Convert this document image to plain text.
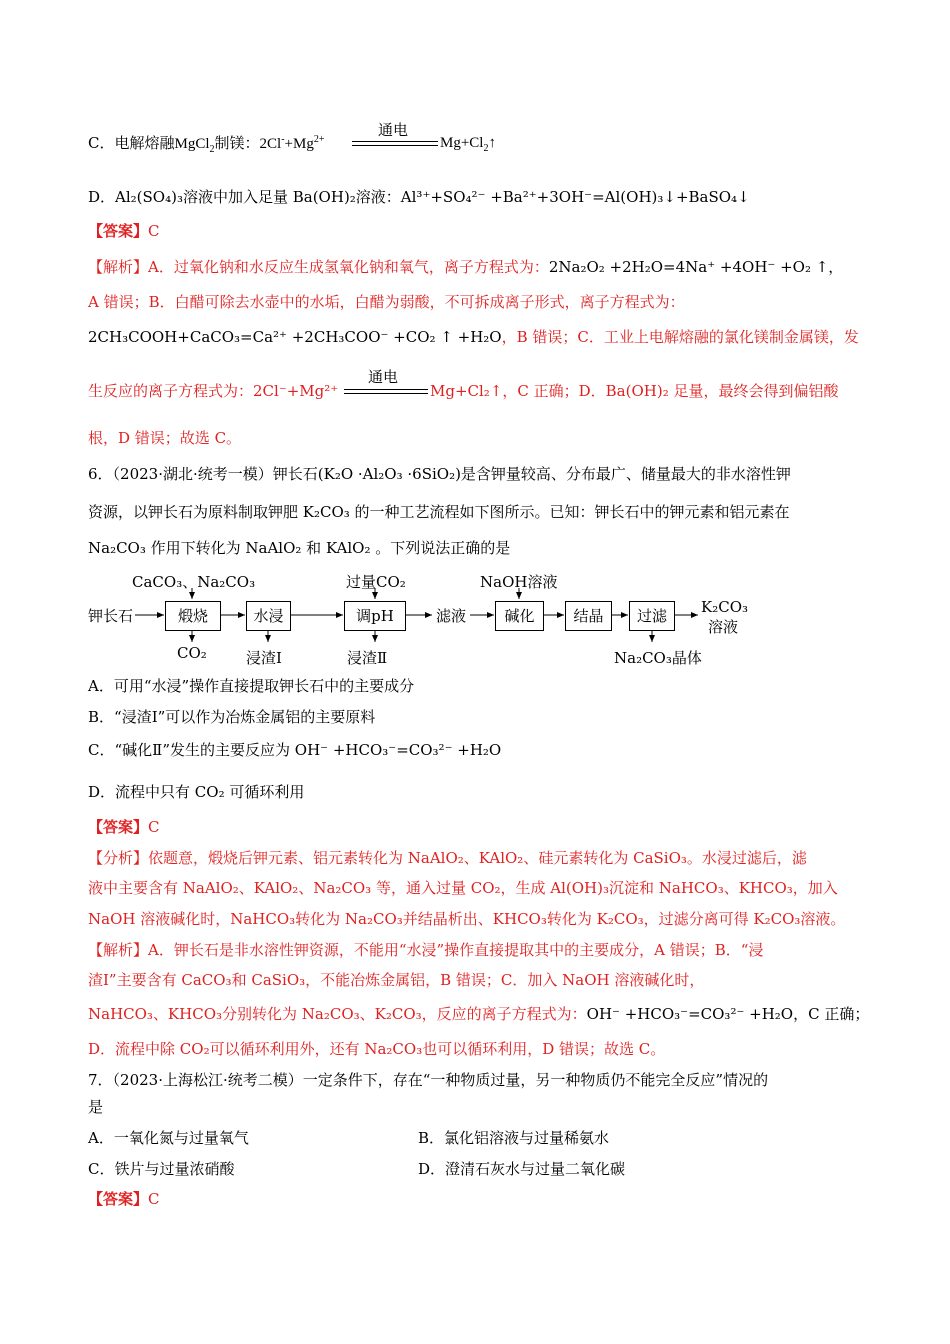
C．电解熔融MgCl$_2$制镁：$2Cl^-+Mg^{2+}$
通电
$Mg+Cl_2↑$
D．Al₂(SO₄)₃溶液中加入足量 Ba(OH)₂溶液：Al³⁺+SO₄²⁻ +Ba²⁺+3OH⁻=Al(OH)₃↓+BaSO₄↓
【答案】C
【解析】A．过氧化钠和水反应生成氢氧化钠和氧气，离子方程式为：2Na₂O₂ +2H₂O=4Na⁺ +4OH⁻ +O₂ ↑，
A 错误；B．白醋可除去水壶中的水垢，白醋为弱酸，不可拆成离子形式，离子方程式为：
2CH₃COOH+CaCO₃=Ca²⁺ +2CH₃COO⁻ +CO₂ ↑ +H₂O，B 错误；C．工业上电解熔融的氯化镁制金属镁，发
生反应的离子方程式为：2Cl⁻+Mg²⁺
通电
Mg+Cl₂↑，C 正确；D．Ba(OH)₂ 足量，最终会得到偏铝酸
根，D 错误；故选 C。
6．（2023·湖北·统考一模）钾长石(K₂O ·Al₂O₃ ·6SiO₂)是含钾量较高、分布最广、储量最大的非水溶性钾
资源，以钾长石为原料制取钾肥 K₂CO₃ 的一种工艺流程如下图所示。已知：钾长石中的钾元素和铝元素在
Na₂CO₃ 作用下转化为 NaAlO₂ 和 KAlO₂ 。下列说法正确的是
钾长石
CaCO₃、Na₂CO₃
煅烧
CO₂
水浸
浸渣Ⅰ
过量CO₂
调pH
浸渣Ⅱ
滤液
NaOH溶液
碱化	结晶	过滤
Na₂CO₃晶体
K₂CO₃
溶液
A．可用“水浸”操作直接提取钾长石中的主要成分
B．“浸渣Ⅰ”可以作为冶炼金属铝的主要原料
C．“碱化Ⅱ”发生的主要反应为 OH⁻ +HCO₃⁻=CO₃²⁻ +H₂O
D．流程中只有 CO₂ 可循环利用
【答案】C
【分析】依题意，煅烧后钾元素、铝元素转化为 NaAlO₂、KAlO₂、硅元素转化为 CaSiO₃。水浸过滤后，滤
液中主要含有 NaAlO₂、KAlO₂、Na₂CO₃ 等，通入过量 CO₂，生成 Al(OH)₃沉淀和 NaHCO₃、KHCO₃，加入
NaOH 溶液碱化时，NaHCO₃转化为 Na₂CO₃并结晶析出、KHCO₃转化为 K₂CO₃，过滤分离可得 K₂CO₃溶液。
【解析】A．钾长石是非水溶性钾资源，不能用“水浸”操作直接提取其中的主要成分，A 错误；B．“浸
渣Ⅰ”主要含有 CaCO₃和 CaSiO₃，不能冶炼金属铝，B 错误；C．加入 NaOH 溶液碱化时，
NaHCO₃、KHCO₃分别转化为 Na₂CO₃、K₂CO₃，反应的离子方程式为：OH⁻ +HCO₃⁻=CO₃²⁻ +H₂O，C 正确；
D．流程中除 CO₂可以循环利用外，还有 Na₂CO₃也可以循环利用，D 错误；故选 C。
7．（2023·上海松江·统考二模）一定条件下，存在“一种物质过量，另一种物质仍不能完全反应”情况的
是
A．一氧化氮与过量氧气	B．氯化铝溶液与过量稀氨水
C．铁片与过量浓硝酸	D．澄清石灰水与过量二氧化碳
【答案】C
